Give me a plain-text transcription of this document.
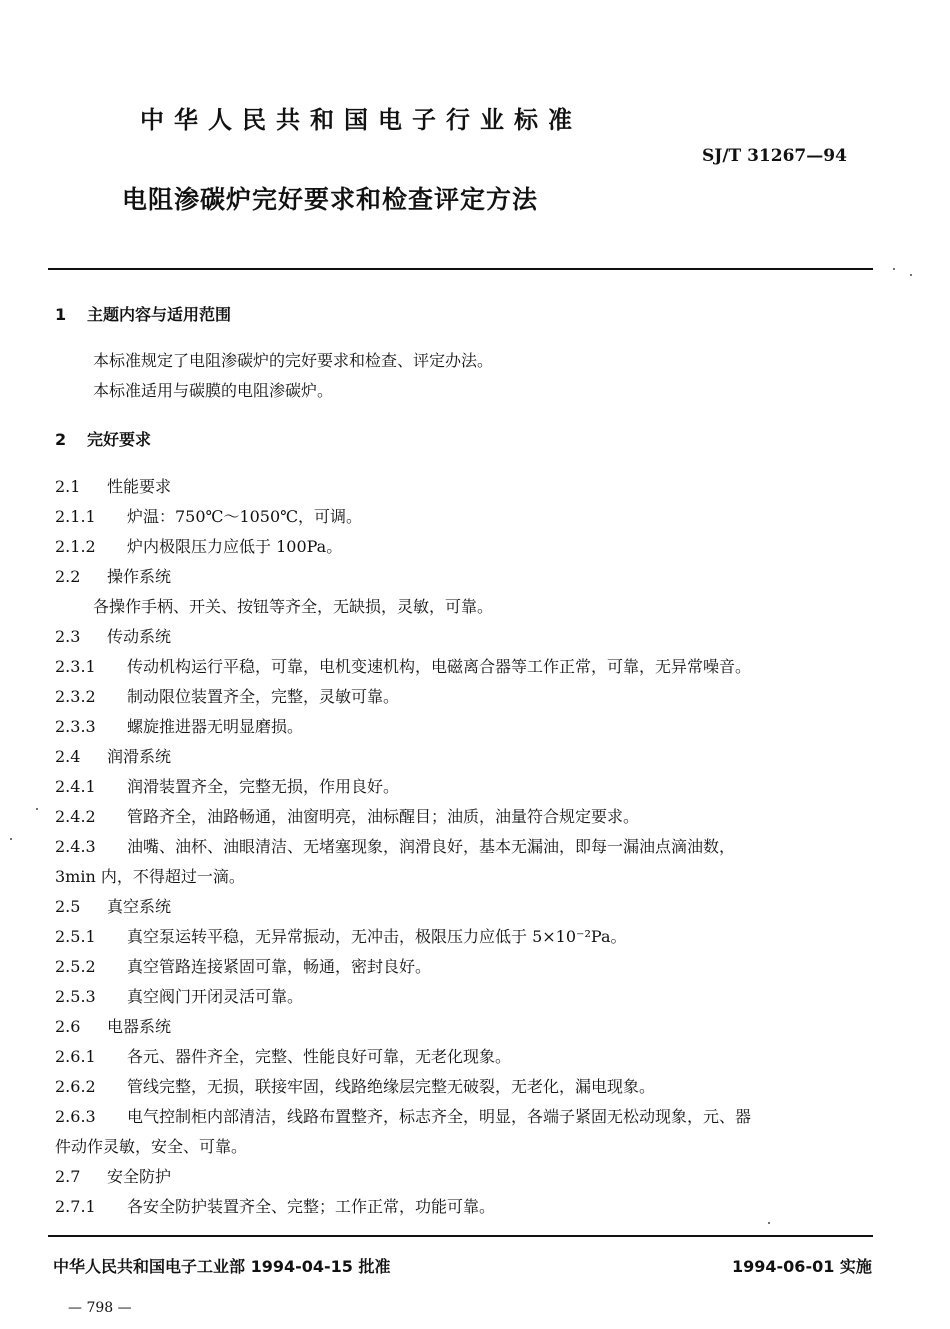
中华人民共和国电子行业标准
SJ/T 31267—94
电阻渗碳炉完好要求和检查评定方法
1 主题内容与适用范围
本标准规定了电阻渗碳炉的完好要求和检查、评定办法。
本标准适用与碳膜的电阻渗碳炉。
2 完好要求
2.1 性能要求
2.1.1 炉温：750℃～1050℃，可调。
2.1.2 炉内极限压力应低于 100Pa。
2.2 操作系统
各操作手柄、开关、按钮等齐全，无缺损，灵敏，可靠。
2.3 传动系统
2.3.1 传动机构运行平稳，可靠，电机变速机构，电磁离合器等工作正常，可靠，无异常噪音。
2.3.2 制动限位装置齐全，完整，灵敏可靠。
2.3.3 螺旋推进器无明显磨损。
2.4 润滑系统
2.4.1 润滑装置齐全，完整无损，作用良好。
2.4.2 管路齐全，油路畅通，油窗明亮，油标醒目；油质，油量符合规定要求。
2.4.3 油嘴、油杯、油眼清洁、无堵塞现象，润滑良好，基本无漏油，即每一漏油点滴油数，
3min 内，不得超过一滴。
2.5 真空系统
2.5.1 真空泵运转平稳，无异常振动，无冲击，极限压力应低于 5×10⁻²Pa。
2.5.2 真空管路连接紧固可靠，畅通，密封良好。
2.5.3 真空阀门开闭灵活可靠。
2.6 电器系统
2.6.1 各元、器件齐全，完整、性能良好可靠，无老化现象。
2.6.2 管线完整，无损，联接牢固，线路绝缘层完整无破裂，无老化，漏电现象。
2.6.3 电气控制柜内部清洁，线路布置整齐，标志齐全，明显，各端子紧固无松动现象，元、器
件动作灵敏，安全、可靠。
2.7 安全防护
2.7.1 各安全防护装置齐全、完整；工作正常，功能可靠。
中华人民共和国电子工业部 1994-04-15 批准	1994-06-01 实施
— 798 —
